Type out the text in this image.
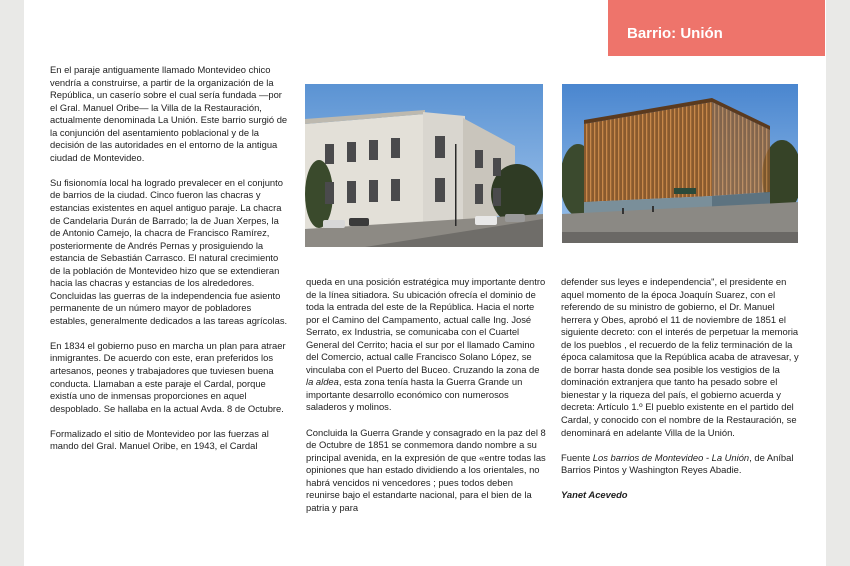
Barrio: Unión

En el paraje antiguamente llamado Montevideo chico vendría a construirse, a partir de la organización de la República, un caserío sobre el cual sería fundada —por el Gral. Manuel Oribe— la Villa de la Restauración, actualmente denominada La Unión. Este barrio surgió de la conjunción del asentamiento poblacional y de la decisión de las autoridades en el entorno de la antigua ciudad de Montevideo.

Su fisionomía local ha logrado prevalecer en el conjunto de barrios de la ciudad. Cinco fueron las chacras y estancias existentes en aquel antiguo paraje. La chacra de Candelaria Durán de Barrado; la de Juan Xerpes, la de Antonio Camejo, la chacra de Francisco Ramírez, posteriormente de Andrés Pernas y prosiguiendo la estancia de Sebastián Carrasco. El natural crecimiento de la población de Montevideo hizo que se extendieran hacia las chacras y estancias de los alrededores. Concluidas las guerras de la independencia fue asiento permanente de un número mayor de pobladores estables, generalmente dedicados a las tareas agrícolas.

En 1834 el gobierno puso en marcha un plan para atraer inmigrantes. De acuerdo con este, eran preferidos los artesanos, peones y trabajadores que tuviesen buena conducta. Llamaban a este paraje el Cardal, porque existía uno de inmensas proporciones en aquel despoblado. Se hallaba en la actual Avda. 8 de Octubre.

Formalizado el sitio de Montevideo por las fuerzas al mando del Gral. Manuel Oribe, en 1943, el Cardal

queda en una posición estratégica muy importante dentro de la línea sitiadora. Su ubicación ofrecía el dominio de toda la entrada del este de la República. Hacia el norte por el Camino del Campamento, actual calle Ing. José Serrato, ex Industria, se comunicaba con el Cuartel General del Cerrito; hacia el sur por el llamado Camino del Comercio, actual calle Francisco Solano López, se vinculaba con el Puerto del Buceo. Cruzando la zona de la aldea, esta zona tenía hasta la Guerra Grande un importante desarrollo económico con numerosos saladeros y molinos.

Concluida la Guerra Grande y consagrado en la paz del 8 de Octubre de 1851 se conmemora dando nombre a su principal avenida, en la expresión de que «entre todas las opiniones que han estado dividiendo a los orientales, no habrá vencidos ni vencedores ; pues todos deben reunirse bajo el estandarte nacional, para el bien de la patria y para

defender sus leyes e independencia", el presidente en aquel momento de la época Joaquín Suarez, con el referendo de su ministro de gobierno, el Dr. Manuel herrera y Obes, aprobó el 11 de noviembre de 1851 el siguiente decreto: con el interés de perpetuar la memoria de los pueblos , el recuerdo de la feliz terminación de la época calamitosa que la República acaba de atravesar, y de borrar hasta donde sea posible los vestigios de la dominación extranjera que tanto ha pesado sobre el bienestar y la riqueza del país, el gobierno acuerda y decreta: Artículo 1.º El pueblo existente en el partido del Cardal, y conocido con el nombre de la Restauración, se denominará en adelante Villa de la Unión.

Fuente Los barrios de Montevideo - La Unión, de Aníbal Barrios Pintos y Washington Reyes Abadie.

Yanet Acevedo
